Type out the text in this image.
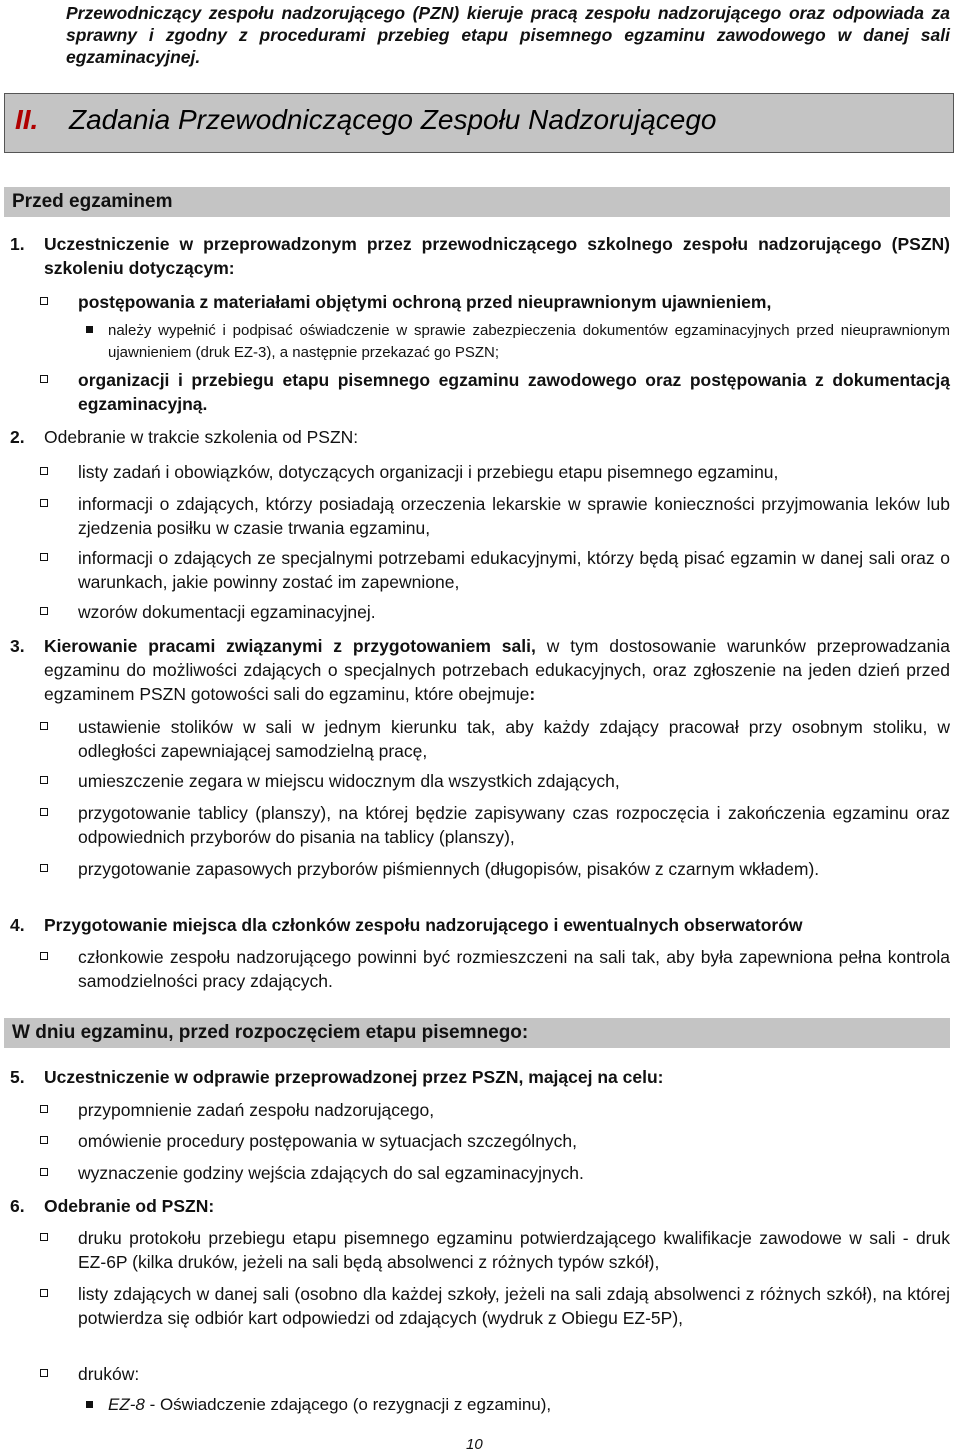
Przewodniczący zespołu nadzorującego (PZN) kieruje pracą zespołu nadzorującego oraz odpowiada za sprawny i zgodny z procedurami przebieg etapu pisemnego egzaminu zawodowego w danej sali egzaminacyjnej.
II. Zadania Przewodniczącego Zespołu Nadzorującego
Przed egzaminem
1.	Uczestniczenie w przeprowadzonym przez przewodniczącego szkolnego zespołu nadzorującego (PSZN) szkoleniu dotyczącym:
postępowania z materiałami objętymi ochroną przed nieuprawnionym ujawnieniem,
należy wypełnić i podpisać oświadczenie w sprawie zabezpieczenia dokumentów egzaminacyjnych przed nieuprawnionym ujawnieniem (druk EZ-3), a następnie przekazać go PSZN;
organizacji i przebiegu etapu pisemnego egzaminu zawodowego oraz postępowania z dokumentacją egzaminacyjną.
2.	Odebranie w trakcie szkolenia od PSZN:
listy zadań i obowiązków, dotyczących organizacji i przebiegu etapu pisemnego egzaminu,
informacji o zdających, którzy posiadają orzeczenia lekarskie w sprawie konieczności przyjmowania leków lub zjedzenia posiłku w czasie trwania egzaminu,
informacji o zdających ze specjalnymi potrzebami edukacyjnymi, którzy będą pisać egzamin w danej sali oraz o warunkach, jakie powinny zostać im zapewnione,
wzorów dokumentacji egzaminacyjnej.
3.	Kierowanie pracami związanymi z przygotowaniem sali, w tym dostosowanie warunków przeprowadzania egzaminu do możliwości zdających o specjalnych potrzebach edukacyjnych, oraz zgłoszenie na jeden dzień przed egzaminem PSZN gotowości sali do egzaminu, które obejmuje:
ustawienie stolików w sali w jednym kierunku tak, aby każdy zdający pracował przy osobnym stoliku, w odległości zapewniającej samodzielną pracę,
umieszczenie zegara w miejscu widocznym dla wszystkich zdających,
przygotowanie tablicy (planszy), na której będzie zapisywany czas rozpoczęcia i zakończenia egzaminu oraz odpowiednich przyborów do pisania na tablicy (planszy),
przygotowanie zapasowych przyborów piśmiennych (długopisów, pisaków z czarnym wkładem).
4.	Przygotowanie miejsca dla członków zespołu nadzorującego i ewentualnych obserwatorów
członkowie zespołu nadzorującego powinni być rozmieszczeni na sali tak, aby była zapewniona pełna kontrola samodzielności pracy zdających.
W dniu egzaminu, przed rozpoczęciem etapu pisemnego:
5.	Uczestniczenie w odprawie przeprowadzonej przez PSZN, mającej na celu:
przypomnienie zadań zespołu nadzorującego,
omówienie procedury postępowania w sytuacjach szczególnych,
wyznaczenie godziny wejścia zdających do sal egzaminacyjnych.
6.	Odebranie od PSZN:
druku protokołu przebiegu etapu pisemnego egzaminu potwierdzającego kwalifikacje zawodowe w sali - druk EZ-6P (kilka druków, jeżeli na sali będą absolwenci z różnych typów szkół),
listy zdających w danej sali (osobno dla każdej szkoły, jeżeli na sali zdają absolwenci z różnych szkół), na której potwierdza się odbiór kart odpowiedzi od zdających (wydruk z Obiegu EZ-5P),
druków:
EZ-8 - Oświadczenie zdającego (o rezygnacji z egzaminu),
10
